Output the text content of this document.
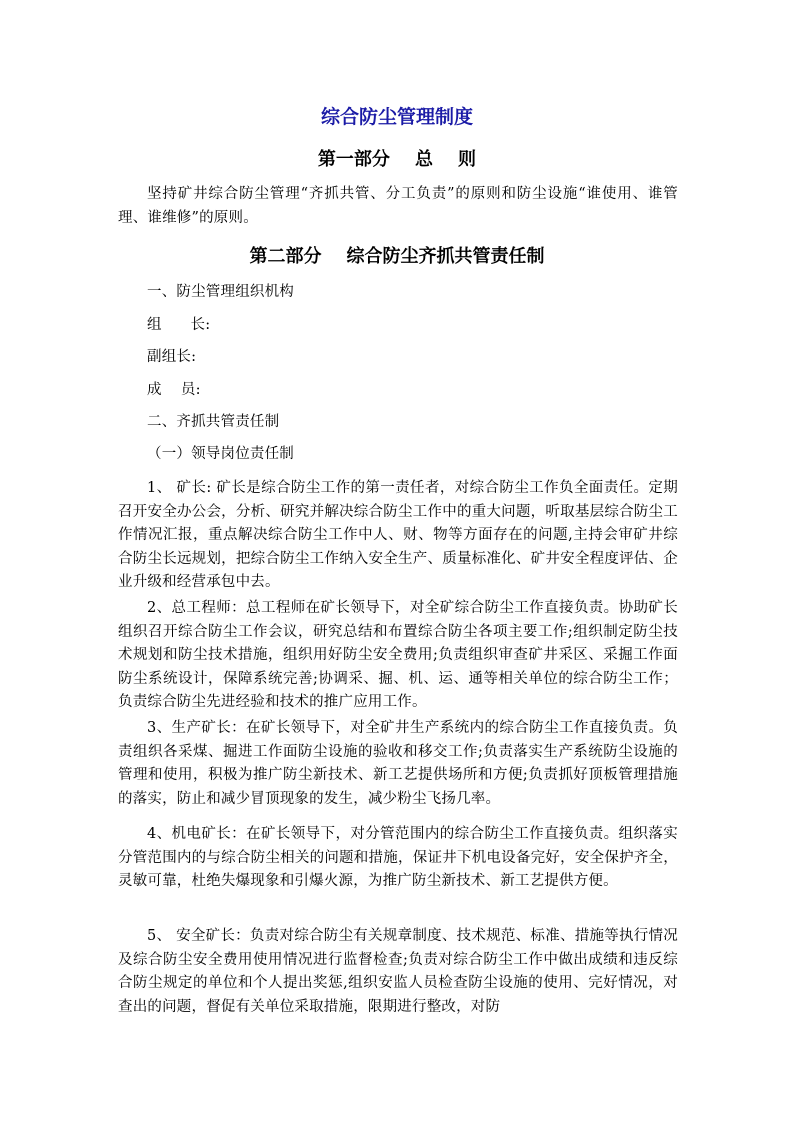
综合防尘管理制度
第一部分    总    则

坚持矿井综合防尘管理“齐抓共管、分工负责”的原则和防尘设施“谁使用、谁管理、谁维修”的原则。

第二部分    综合防尘齐抓共管责任制

一、防尘管理组织机构

组      长:

副组长:

成    员:

二、齐抓共管责任制

（一）领导岗位责任制

1、 矿长: 矿长是综合防尘工作的第一责任者，对综合防尘工作负全面责任。定期召开安全办公会，分析、研究并解决综合防尘工作中的重大问题，听取基层综合防尘工作情况汇报，重点解决综合防尘工作中人、财、物等方面存在的问题,主持会审矿井综合防尘长远规划，把综合防尘工作纳入安全生产、质量标准化、矿井安全程度评估、企业升级和经营承包中去。

2、总工程师：总工程师在矿长领导下，对全矿综合防尘工作直接负责。协助矿长组织召开综合防尘工作会议，研究总结和布置综合防尘各项主要工作;组织制定防尘技术规划和防尘技术措施，组织用好防尘安全费用;负责组织审查矿井采区、采掘工作面防尘系统设计，保障系统完善;协调采、掘、机、运、通等相关单位的综合防尘工作；负责综合防尘先进经验和技术的推广应用工作。

3、生产矿长：在矿长领导下，对全矿井生产系统内的综合防尘工作直接负责。负责组织各采煤、掘进工作面防尘设施的验收和移交工作;负责落实生产系统防尘设施的管理和使用，积极为推广防尘新技术、新工艺提供场所和方便;负责抓好顶板管理措施的落实，防止和减少冒顶现象的发生，减少粉尘飞扬几率。

4、机电矿长：在矿长领导下，对分管范围内的综合防尘工作直接负责。组织落实分管范围内的与综合防尘相关的问题和措施，保证井下机电设备完好，安全保护齐全，灵敏可靠，杜绝失爆现象和引爆火源，为推广防尘新技术、新工艺提供方便。

5、 安全矿长：负责对综合防尘有关规章制度、技术规范、标准、措施等执行情况及综合防尘安全费用使用情况进行监督检查;负责对综合防尘工作中做出成绩和违反综合防尘规定的单位和个人提出奖惩,组织安监人员检查防尘设施的使用、完好情况，对查出的问题，督促有关单位采取措施，限期进行整改，对防
